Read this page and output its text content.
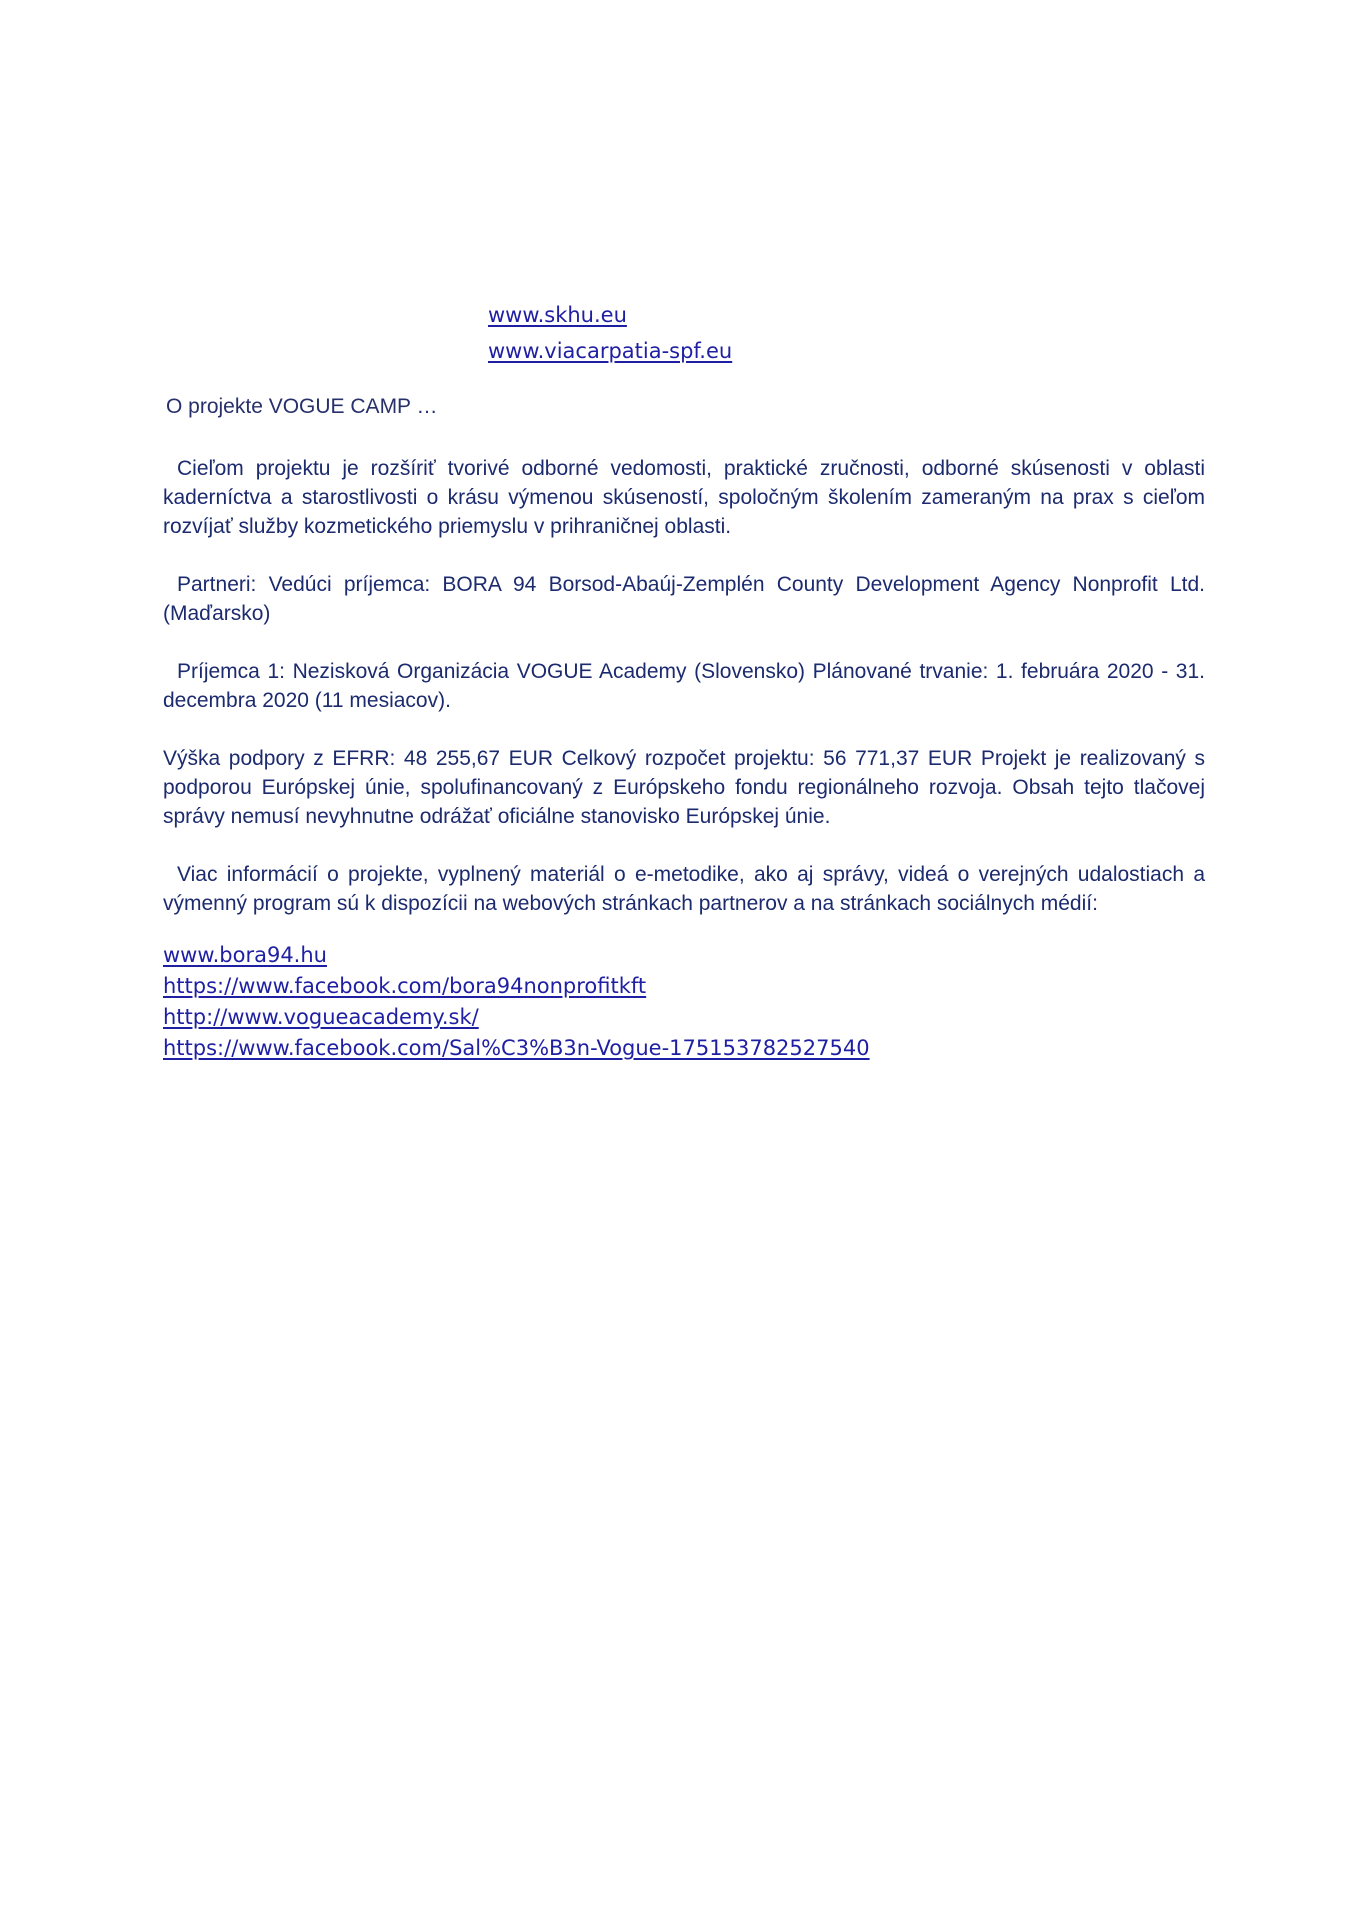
www.skhu.eu
www.viacarpatia-spf.eu
O projekte VOGUE CAMP …

Cieľom projektu je rozšíriť tvorivé odborné vedomosti, praktické zručnosti, odborné skúsenosti v oblasti kaderníctva a starostlivosti o krásu výmenou skúseností, spoločným školením zameraným na prax s cieľom rozvíjať služby kozmetického priemyslu v prihraničnej oblasti.

Partneri: Vedúci príjemca: BORA 94 Borsod-Abaúj-Zemplén County Development Agency Nonprofit Ltd. (Maďarsko)

Príjemca 1: Nezisková Organizácia VOGUE Academy (Slovensko) Plánované trvanie: 1. februára 2020 - 31. decembra 2020 (11 mesiacov).

Výška podpory z EFRR: 48 255,67 EUR Celkový rozpočet projektu: 56 771,37 EUR Projekt je realizovaný s podporou Európskej únie, spolufinancovaný z Európskeho fondu regionálneho rozvoja. Obsah tejto tlačovej správy nemusí nevyhnutne odrážať oficiálne stanovisko Európskej únie.

Viac informácií o projekte, vyplnený materiál o e-metodike, ako aj správy, videá o verejných udalostiach a výmenný program sú k dispozícii na webových stránkach partnerov a na stránkach sociálnych médií:

www.bora94.hu
https://www.facebook.com/bora94nonprofitkft
http://www.vogueacademy.sk/
https://www.facebook.com/Sal%C3%B3n-Vogue-175153782527540
